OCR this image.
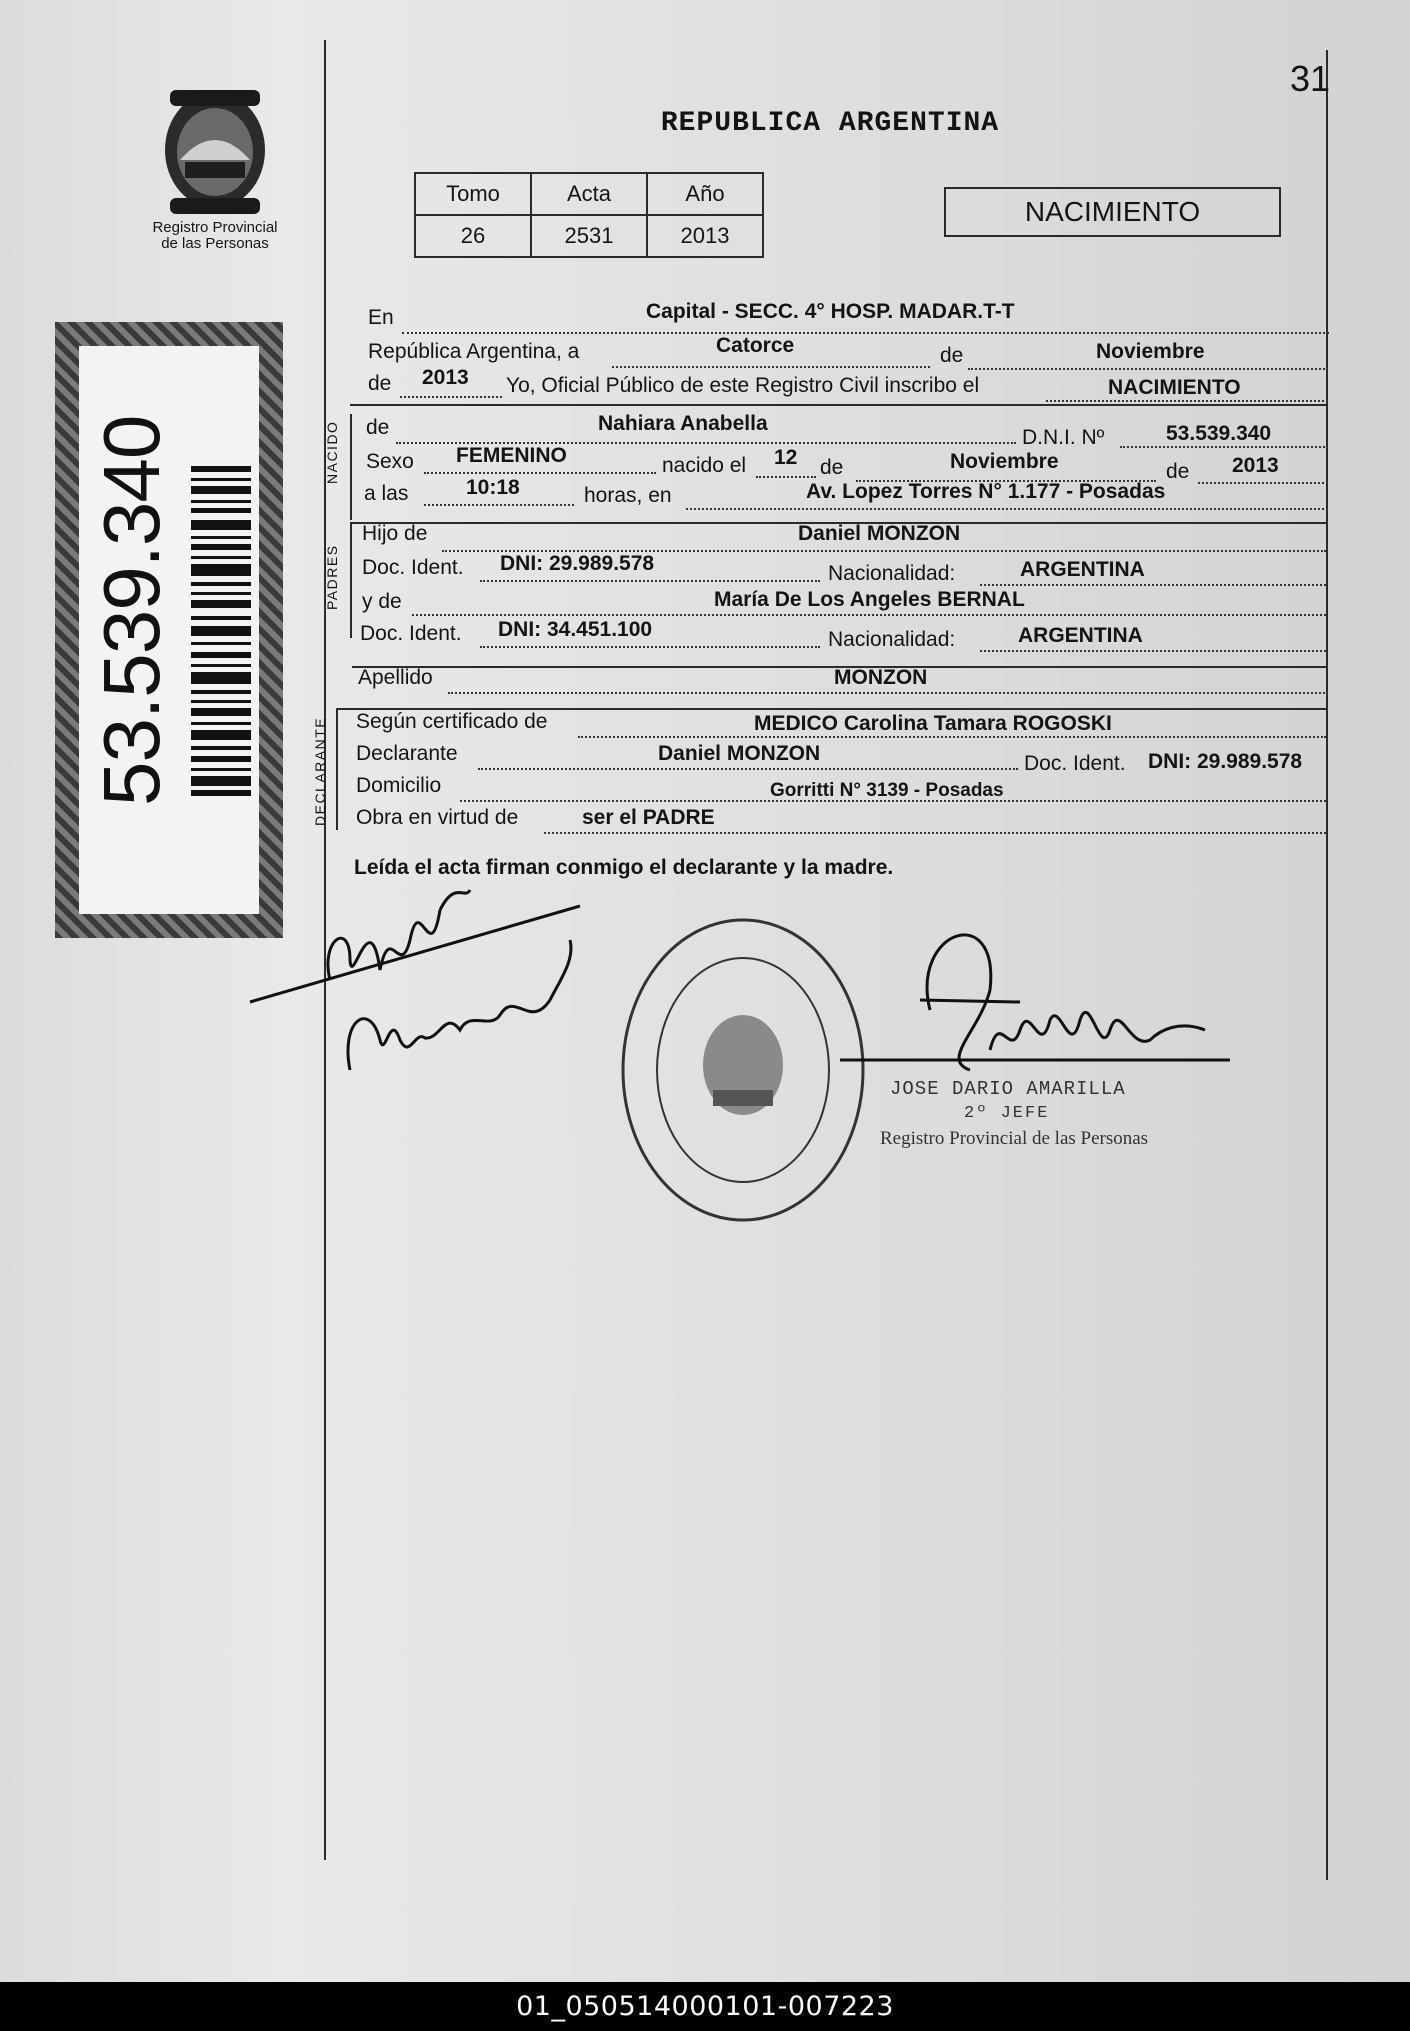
Registro Provincial
de las Personas
53.539.340
31
REPUBLICA ARGENTINA
Tomo	Acta	Año
26	2531	2013
NACIMIENTO
En	Capital - SECC. 4° HOSP. MADAR.T-T
República Argentina, a	Catorce	de	Noviembre
de 2013 Yo, Oficial Público de este Registro Civil inscribo el	NACIMIENTO
NACIDO de	Nahiara Anabella
D.N.I. Nº	53.539.340
Sexo FEMENINO	nacido el 12 de	Noviembre	de 2013
a las	10:18	horas, en	Av. Lopez Torres N° 1.177 - Posadas
PADRES
Hijo de	Daniel MONZON
Doc. Ident. DNI: 29.989.578	Nacionalidad:	ARGENTINA
y de	María De Los Angeles BERNAL
Doc. Ident. DNI: 34.451.100	Nacionalidad:	ARGENTINA
Apellido	MONZON
DECLARANTE Según certificado de	MEDICO Carolina Tamara ROGOSKI
Declarante	Daniel MONZON	Doc. Ident. DNI: 29.989.578
Domicilio	Gorritti N° 3139 - Posadas
Obra en virtud de	ser el PADRE
Leída el acta firman conmigo el declarante y la madre.
JOSE DARIO AMARILLA
2º JEFE
Registro Provincial de las Personas
01_050514000101-007223
